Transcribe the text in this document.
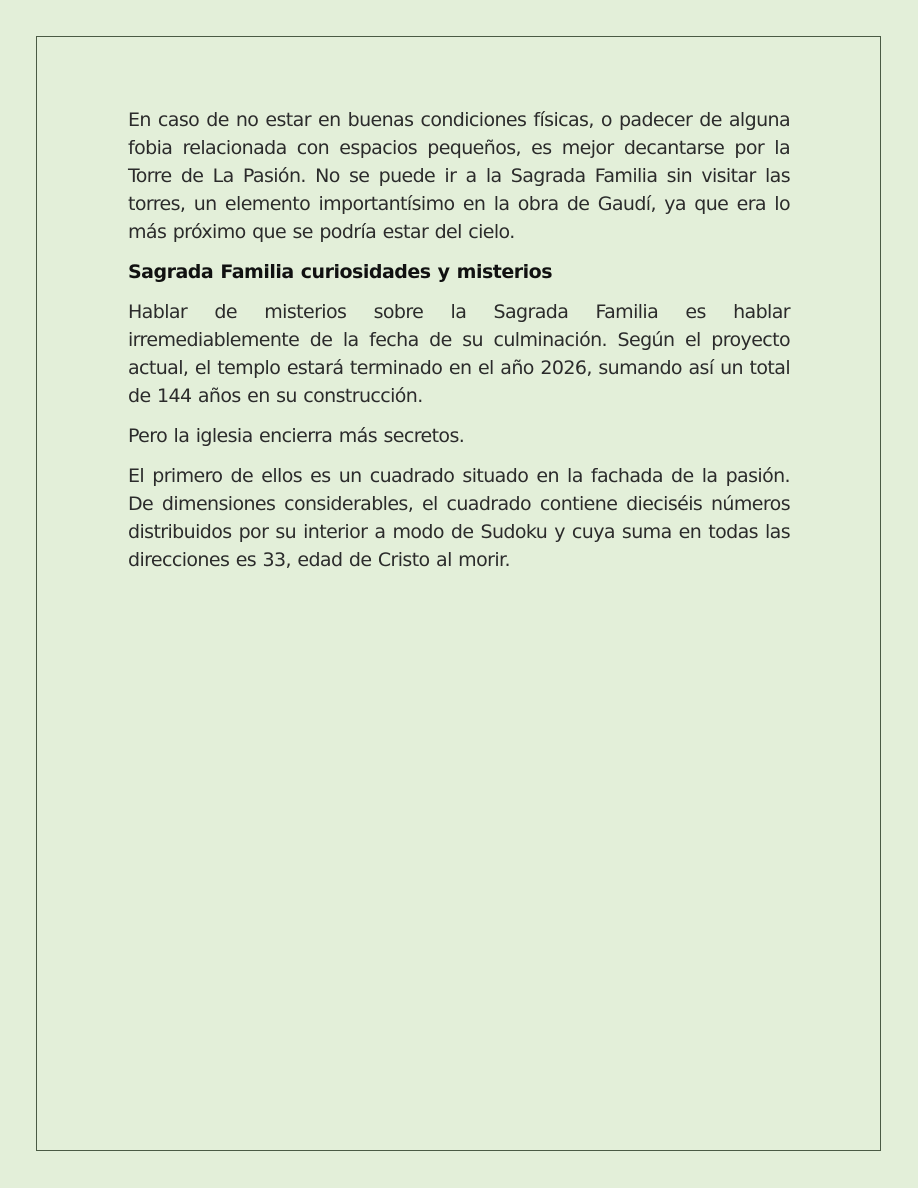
En caso de no estar en buenas condiciones físicas, o padecer de alguna fobia relacionada con espacios pequeños, es mejor decantarse por la Torre de La Pasión. No se puede ir a la Sagrada Familia sin visitar las torres, un elemento importantísimo en la obra de Gaudí, ya que era lo más próximo que se podría estar del cielo.

Sagrada Familia curiosidades y misterios

Hablar de misterios sobre la Sagrada Familia es hablar irremediablemente de la fecha de su culminación. Según el proyecto actual, el templo estará terminado en el año 2026, sumando así un total de 144 años en su construcción.

Pero la iglesia encierra más secretos.

El primero de ellos es un cuadrado situado en la fachada de la pasión. De dimensiones considerables, el cuadrado contiene dieciséis números distribuidos por su interior a modo de Sudoku y cuya suma en todas las direcciones es 33, edad de Cristo al morir.
